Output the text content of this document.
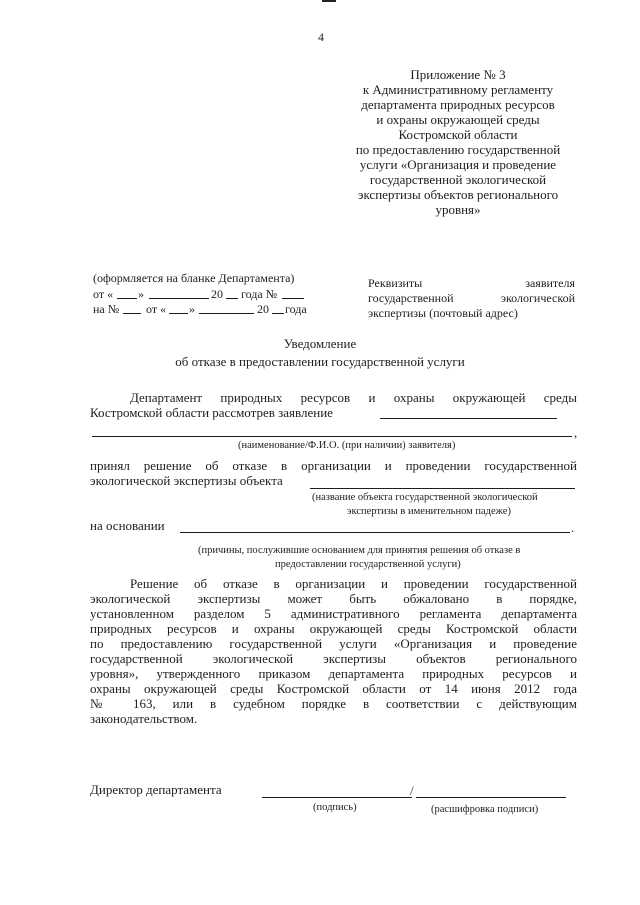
4
Приложение № 3
к Административному регламенту
департамента природных ресурсов
и охраны окружающей среды
Костромской области
по предоставлению государственной
услуги «Организация и проведение
государственной экологической
экспертизы объектов регионального
уровня»
(оформляется на бланке Департамента)
от « »	20 года №
на № от « »	20 года
Реквизиты	заявителя
государственной	экологической
экспертизы (почтовый адрес)
Уведомление
об отказе в предоставлении государственной услуги
Департамент природных ресурсов и охраны окружающей среды
Костромской области рассмотрев заявление
,
(наименование/Ф.И.О. (при наличии) заявителя)
принял решение об отказе в организации и проведении государственной
экологической экспертизы объекта
(название объекта государственной экологической
экспертизы в именительном падеже)
на основании	.
(причины, послужившие основанием для принятия решения об отказе в
предоставлении государственной услуги)
Решение об отказе в организации и проведении государственной
экологической экспертизы может быть обжаловано в порядке,
установленном разделом 5 административного регламента департамента
природных ресурсов и охраны окружающей среды Костромской области
по предоставлению государственной услуги «Организация и проведение
государственной экологической экспертизы объектов регионального
уровня», утвержденного приказом департамента природных ресурсов и
охраны окружающей среды Костромской области от 14 июня 2012 года
№ 163, или в судебном порядке в соответствии с действующим
законодательством.
Директор департамента	/
(подпись)	(расшифровка подписи)
